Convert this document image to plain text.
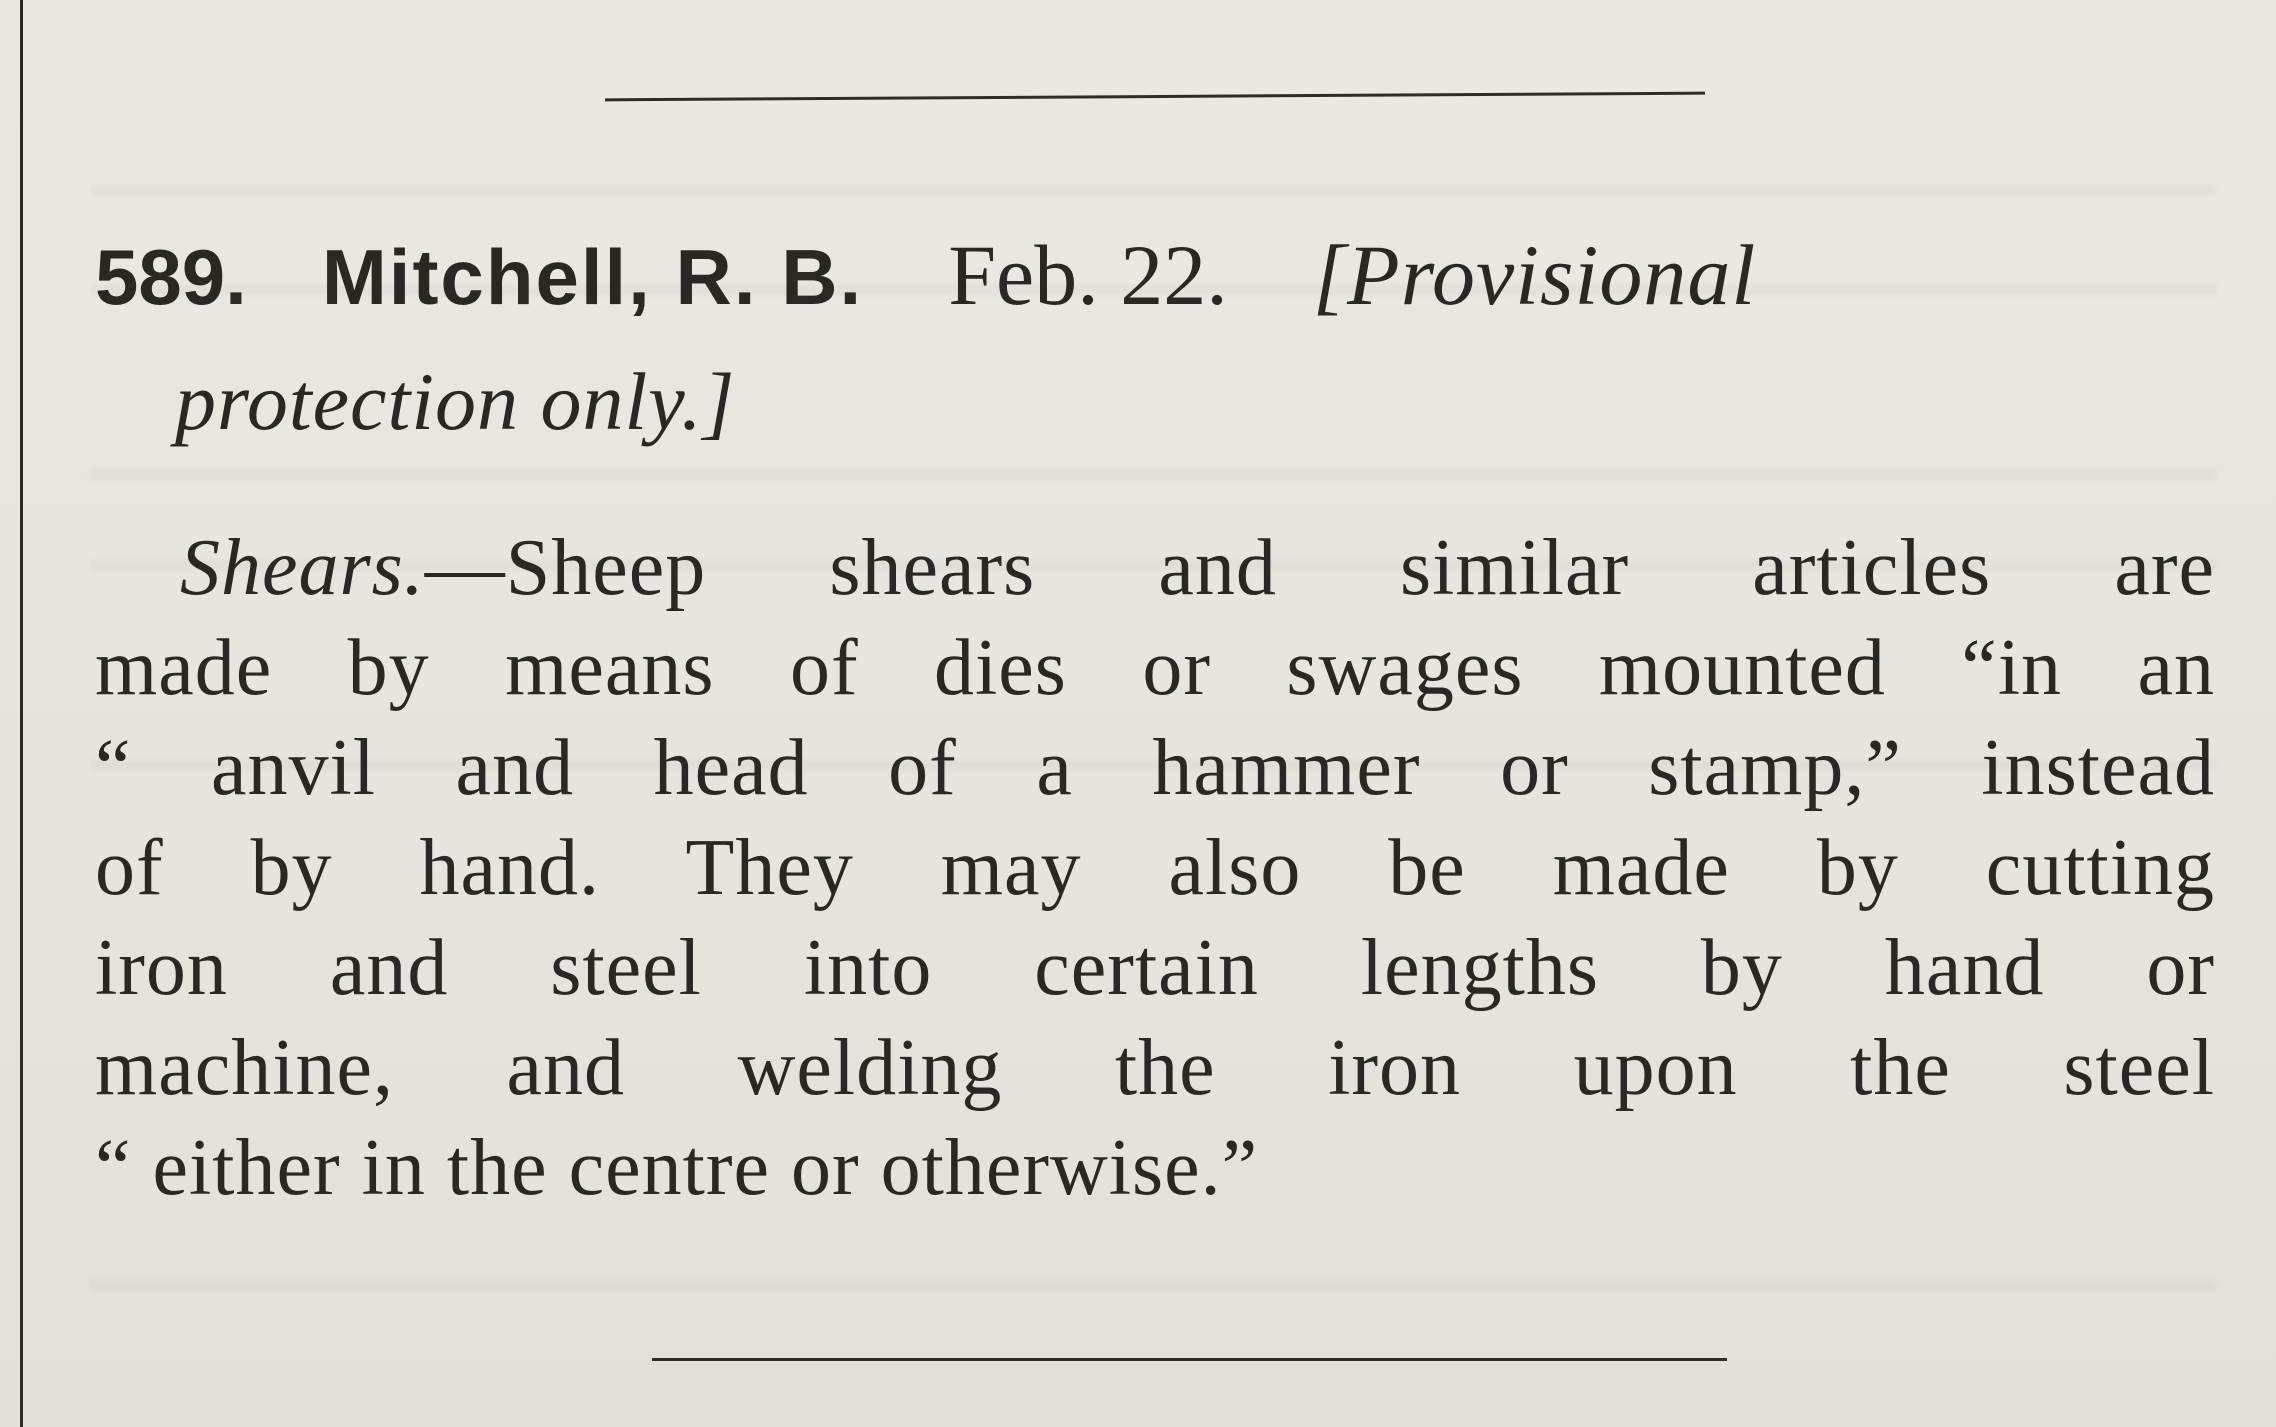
589. Mitchell, R. B. Feb. 22. [Provisional
protection only.]
Shears.—Sheep shears and similar articles are
made by means of dies or swages mounted “in an
“ anvil and head of a hammer or stamp,” instead
of by hand. They may also be made by cutting
iron and steel into certain lengths by hand or
machine, and welding the iron upon the steel
“ either in the centre or otherwise.”
